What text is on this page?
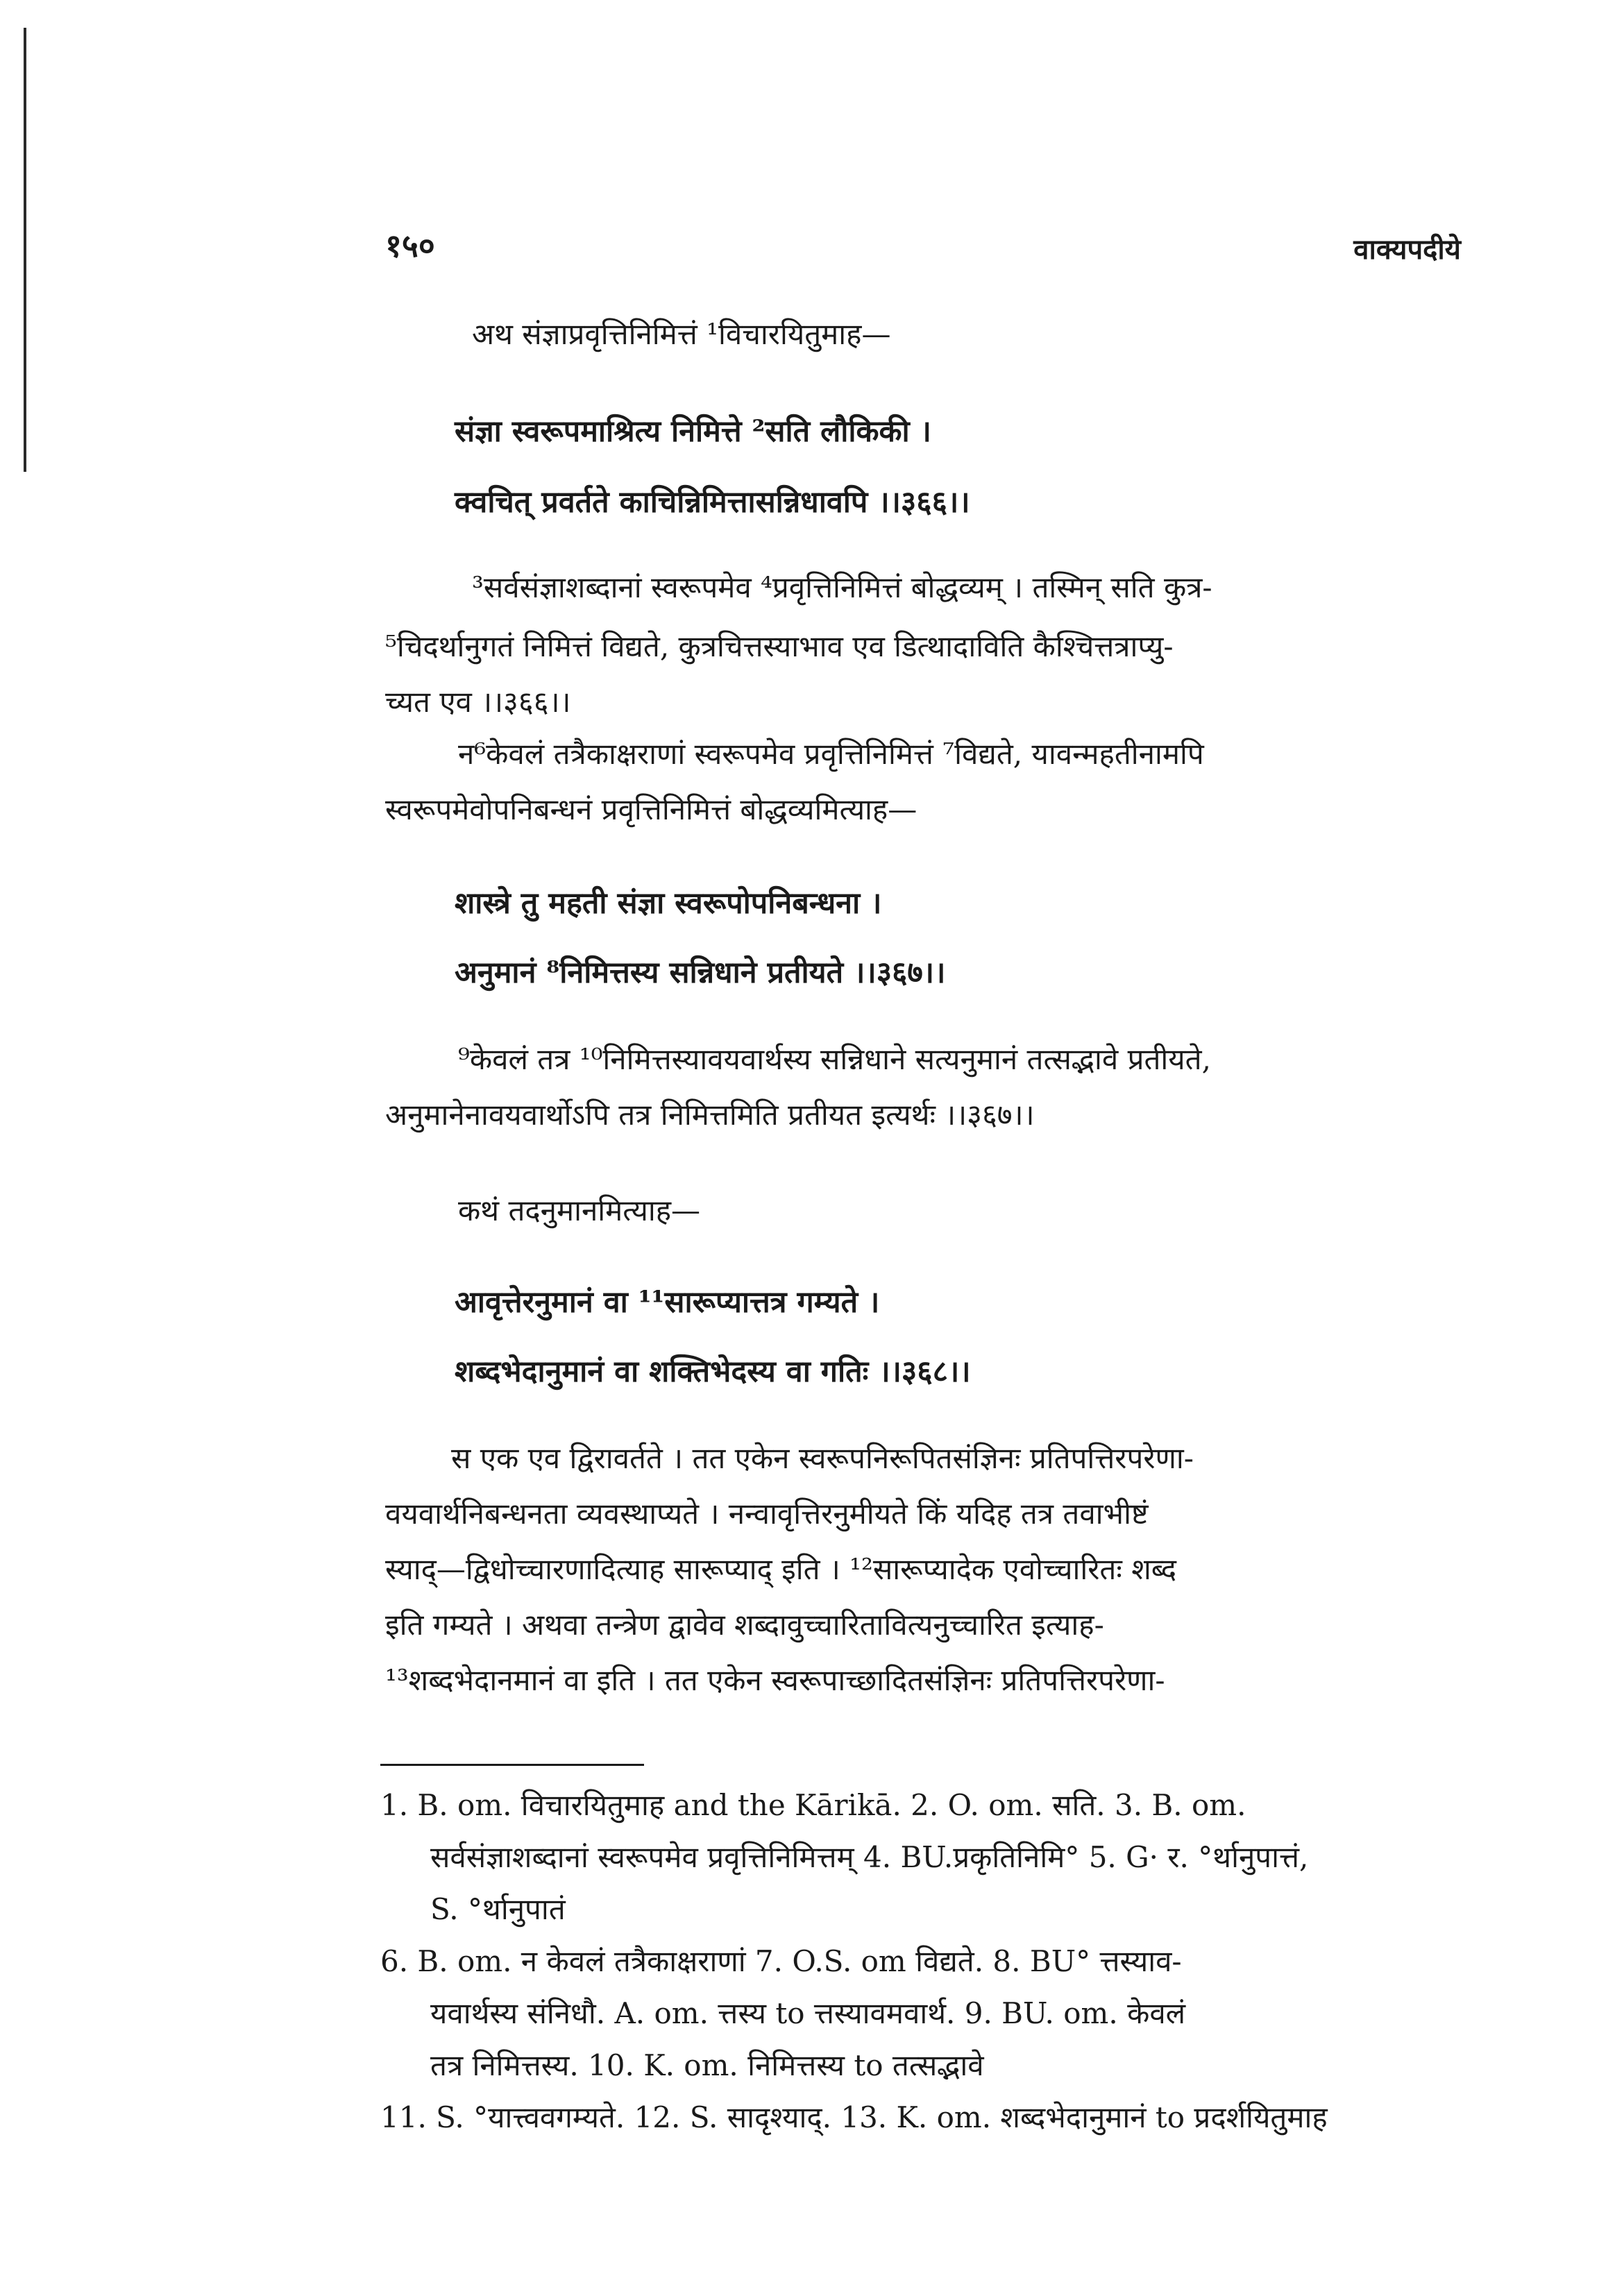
१५०	वाक्यपदीये
अथ संज्ञाप्रवृत्तिनिमित्तं ¹विचारयितुमाह—
संज्ञा स्वरूपमाश्रित्य निमित्ते ²सति लौकिकी ।
क्वचित् प्रवर्तते काचिन्निमित्तासन्निधावपि ।।३६६।।
³सर्वसंज्ञाशब्दानां स्वरूपमेव ⁴प्रवृत्तिनिमित्तं बोद्धव्यम् । तस्मिन् सति कुत्र-
⁵चिदर्थानुगतं निमित्तं विद्यते, कुत्रचित्तस्याभाव एव डित्थादाविति कैश्चित्तत्राप्यु-
च्यत एव ।।३६६।।
न⁶केवलं तत्रैकाक्षराणां स्वरूपमेव प्रवृत्तिनिमित्तं ⁷विद्यते, यावन्महतीनामपि
स्वरूपमेवोपनिबन्धनं प्रवृत्तिनिमित्तं बोद्धव्यमित्याह—
शास्त्रे तु महती संज्ञा स्वरूपोपनिबन्धना ।
अनुमानं ⁸निमित्तस्य सन्निधाने प्रतीयते ।।३६७।।
⁹केवलं तत्र ¹⁰निमित्तस्यावयवार्थस्य सन्निधाने सत्यनुमानं तत्सद्भावे प्रतीयते,
अनुमानेनावयवार्थोऽपि तत्र निमित्तमिति प्रतीयत इत्यर्थः ।।३६७।।
कथं तदनुमानमित्याह—
आवृत्तेरनुमानं वा ¹¹सारूप्यात्तत्र गम्यते ।
शब्दभेदानुमानं वा शक्तिभेदस्य वा गतिः ।।३६८।।
स एक एव द्विरावर्तते । तत एकेन स्वरूपनिरूपितसंज्ञिनः प्रतिपत्तिरपरेणा-
वयवार्थनिबन्धनता व्यवस्थाप्यते । नन्वावृत्तिरनुमीयते किं यदिह तत्र तवाभीष्टं
स्याद्—द्विधोच्चारणादित्याह सारूप्याद् इति । ¹²सारूप्यादेक एवोच्चारितः शब्द
इति गम्यते । अथवा तन्त्रेण द्वावेव शब्दावुच्चारितावित्यनुच्चारित इत्याह-
¹³शब्दभेदानमानं वा इति । तत एकेन स्वरूपाच्छादितसंज्ञिनः प्रतिपत्तिरपरेणा-
1. B. om. विचारयितुमाह and the Kārikā. 2. O. om. सति. 3. B. om.
सर्वसंज्ञाशब्दानां स्वरूपमेव प्रवृत्तिनिमित्तम् 4. BU.प्रकृतिनिमि° 5. G· र. °र्थानुपात्तं,
S. °र्थानुपातं
6. B. om. न केवलं तत्रैकाक्षराणां 7. O.S. om विद्यते. 8. BU° त्तस्याव-
यवार्थस्य संनिधौ. A. om. त्तस्य to त्तस्यावमवार्थ. 9. BU. om. केवलं
तत्र निमित्तस्य. 10. K. om. निमित्तस्य to तत्सद्भावे
11. S. °यात्त्ववगम्यते. 12. S. सादृश्याद्. 13. K. om. शब्दभेदानुमानं to प्रदर्शयितुमाह
